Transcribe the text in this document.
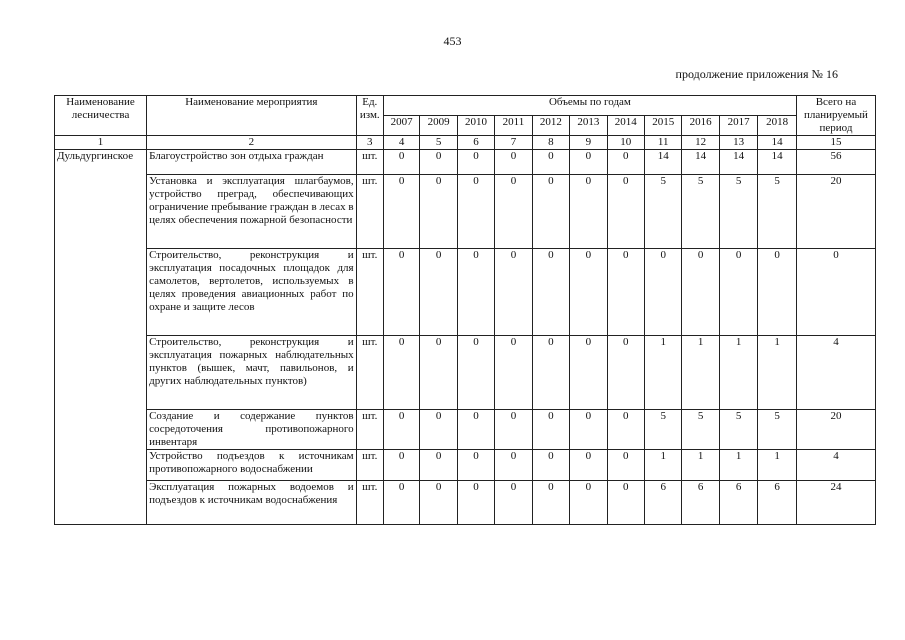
453
продолжение приложения № 16
Наименование лесничества	Наименование мероприятия	Ед. изм.	Объемы по годам											Всего на планируемый период
			2007	2009	2010	2011	2012	2013	2014	2015	2016	2017	2018	
1	2	3	4	5	6	7	8	9	10	11	12	13	14	15
Дульдургинское	Благоустройство зон отдыха граждан	шт.	0	0	0	0	0	0	0	14	14	14	14	56
	Установка и эксплуатация шлагбаумов, устройство преград, обеспечивающих ограничение пребывание граждан в лесах в целях обеспечения пожарной безопасности	шт.	0	0	0	0	0	0	0	5	5	5	5	20
	Строительство, реконструкция и эксплуатация посадочных площадок для самолетов, вертолетов, используемых в целях проведения авиационных работ по охране и защите лесов	шт.	0	0	0	0	0	0	0	0	0	0	0	0
	Строительство, реконструкция и эксплуатация пожарных наблюдательных пунктов (вышек, мачт, павильонов, и других наблюдательных пунктов)	шт.	0	0	0	0	0	0	0	1	1	1	1	4
	Создание и содержание пунктов сосредоточения противопожарного инвентаря	шт.	0	0	0	0	0	0	0	5	5	5	5	20
	Устройство подъездов к источникам противопожарного водоснабжении	шт.	0	0	0	0	0	0	0	1	1	1	1	4
	Эксплуатация пожарных водоемов и подъездов к источникам водоснабжения	шт.	0	0	0	0	0	0	0	6	6	6	6	24
